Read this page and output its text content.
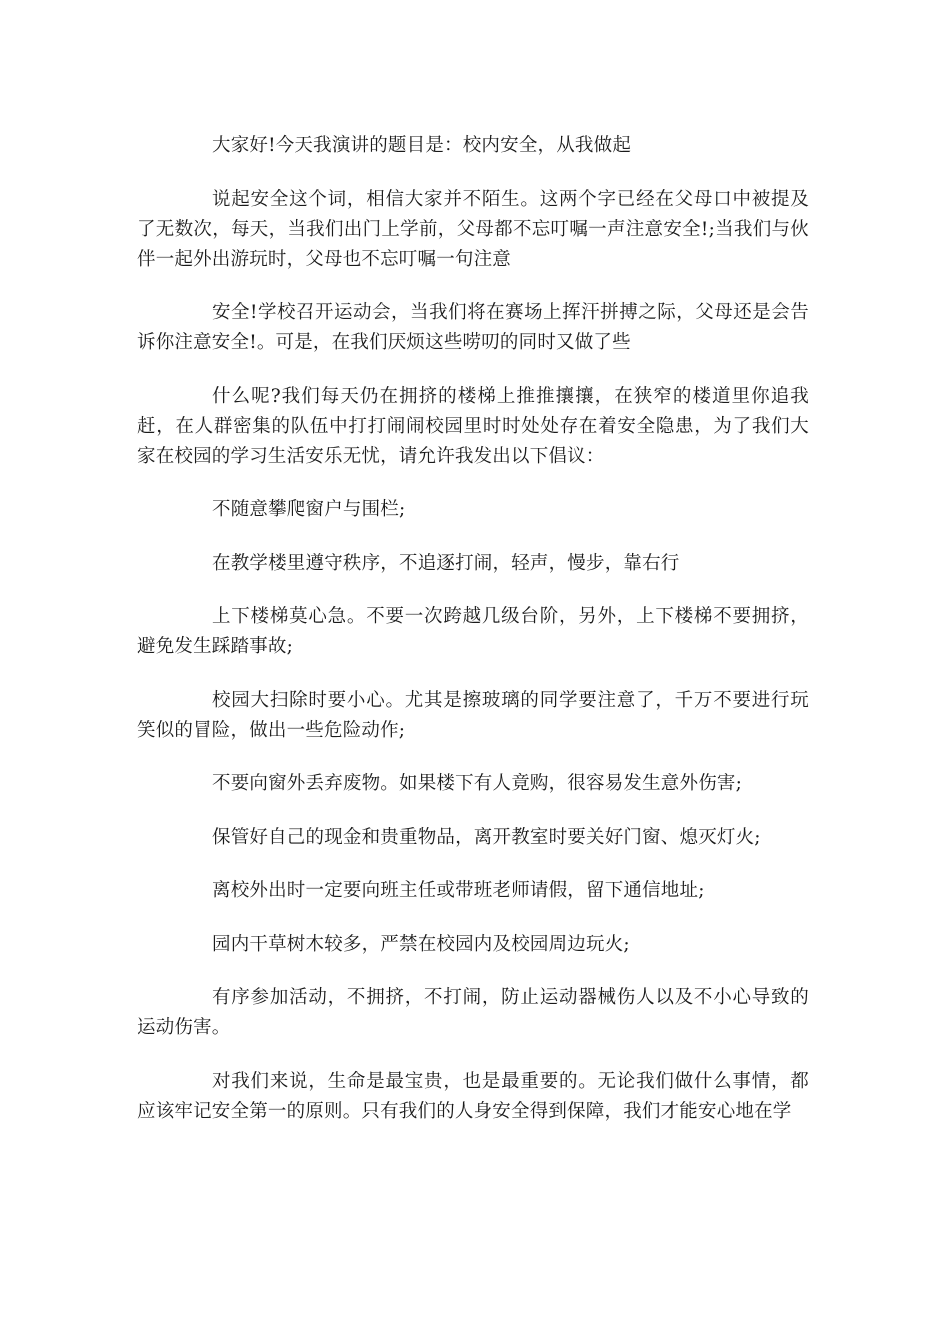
大家好!今天我演讲的题目是：校内安全，从我做起

说起安全这个词，相信大家并不陌生。这两个字已经在父母口中被提及了无数次，每天，当我们出门上学前，父母都不忘叮嘱一声注意安全!;当我们与伙伴一起外出游玩时，父母也不忘叮嘱一句注意

安全!学校召开运动会，当我们将在赛场上挥汗拼搏之际，父母还是会告诉你注意安全!。可是，在我们厌烦这些唠叨的同时又做了些

什么呢?我们每天仍在拥挤的楼梯上推推攘攘，在狭窄的楼道里你追我赶，在人群密集的队伍中打打闹闹校园里时时处处存在着安全隐患，为了我们大家在校园的学习生活安乐无忧，请允许我发出以下倡议：

不随意攀爬窗户与围栏;

在教学楼里遵守秩序，不追逐打闹，轻声，慢步，靠右行

上下楼梯莫心急。不要一次跨越几级台阶，另外，上下楼梯不要拥挤，避免发生踩踏事故;

校园大扫除时要小心。尤其是擦玻璃的同学要注意了，千万不要进行玩笑似的冒险，做出一些危险动作;

不要向窗外丢弃废物。如果楼下有人竟购，很容易发生意外伤害;

保管好自己的现金和贵重物品，离开教室时要关好门窗、熄灭灯火;

离校外出时一定要向班主任或带班老师请假，留下通信地址;

园内干草树木较多，严禁在校园内及校园周边玩火;

有序参加活动，不拥挤，不打闹，防止运动器械伤人以及不小心导致的运动伤害。

对我们来说，生命是最宝贵，也是最重要的。无论我们做什么事情，都应该牢记安全第一的原则。只有我们的人身安全得到保障，我们才能安心地在学
